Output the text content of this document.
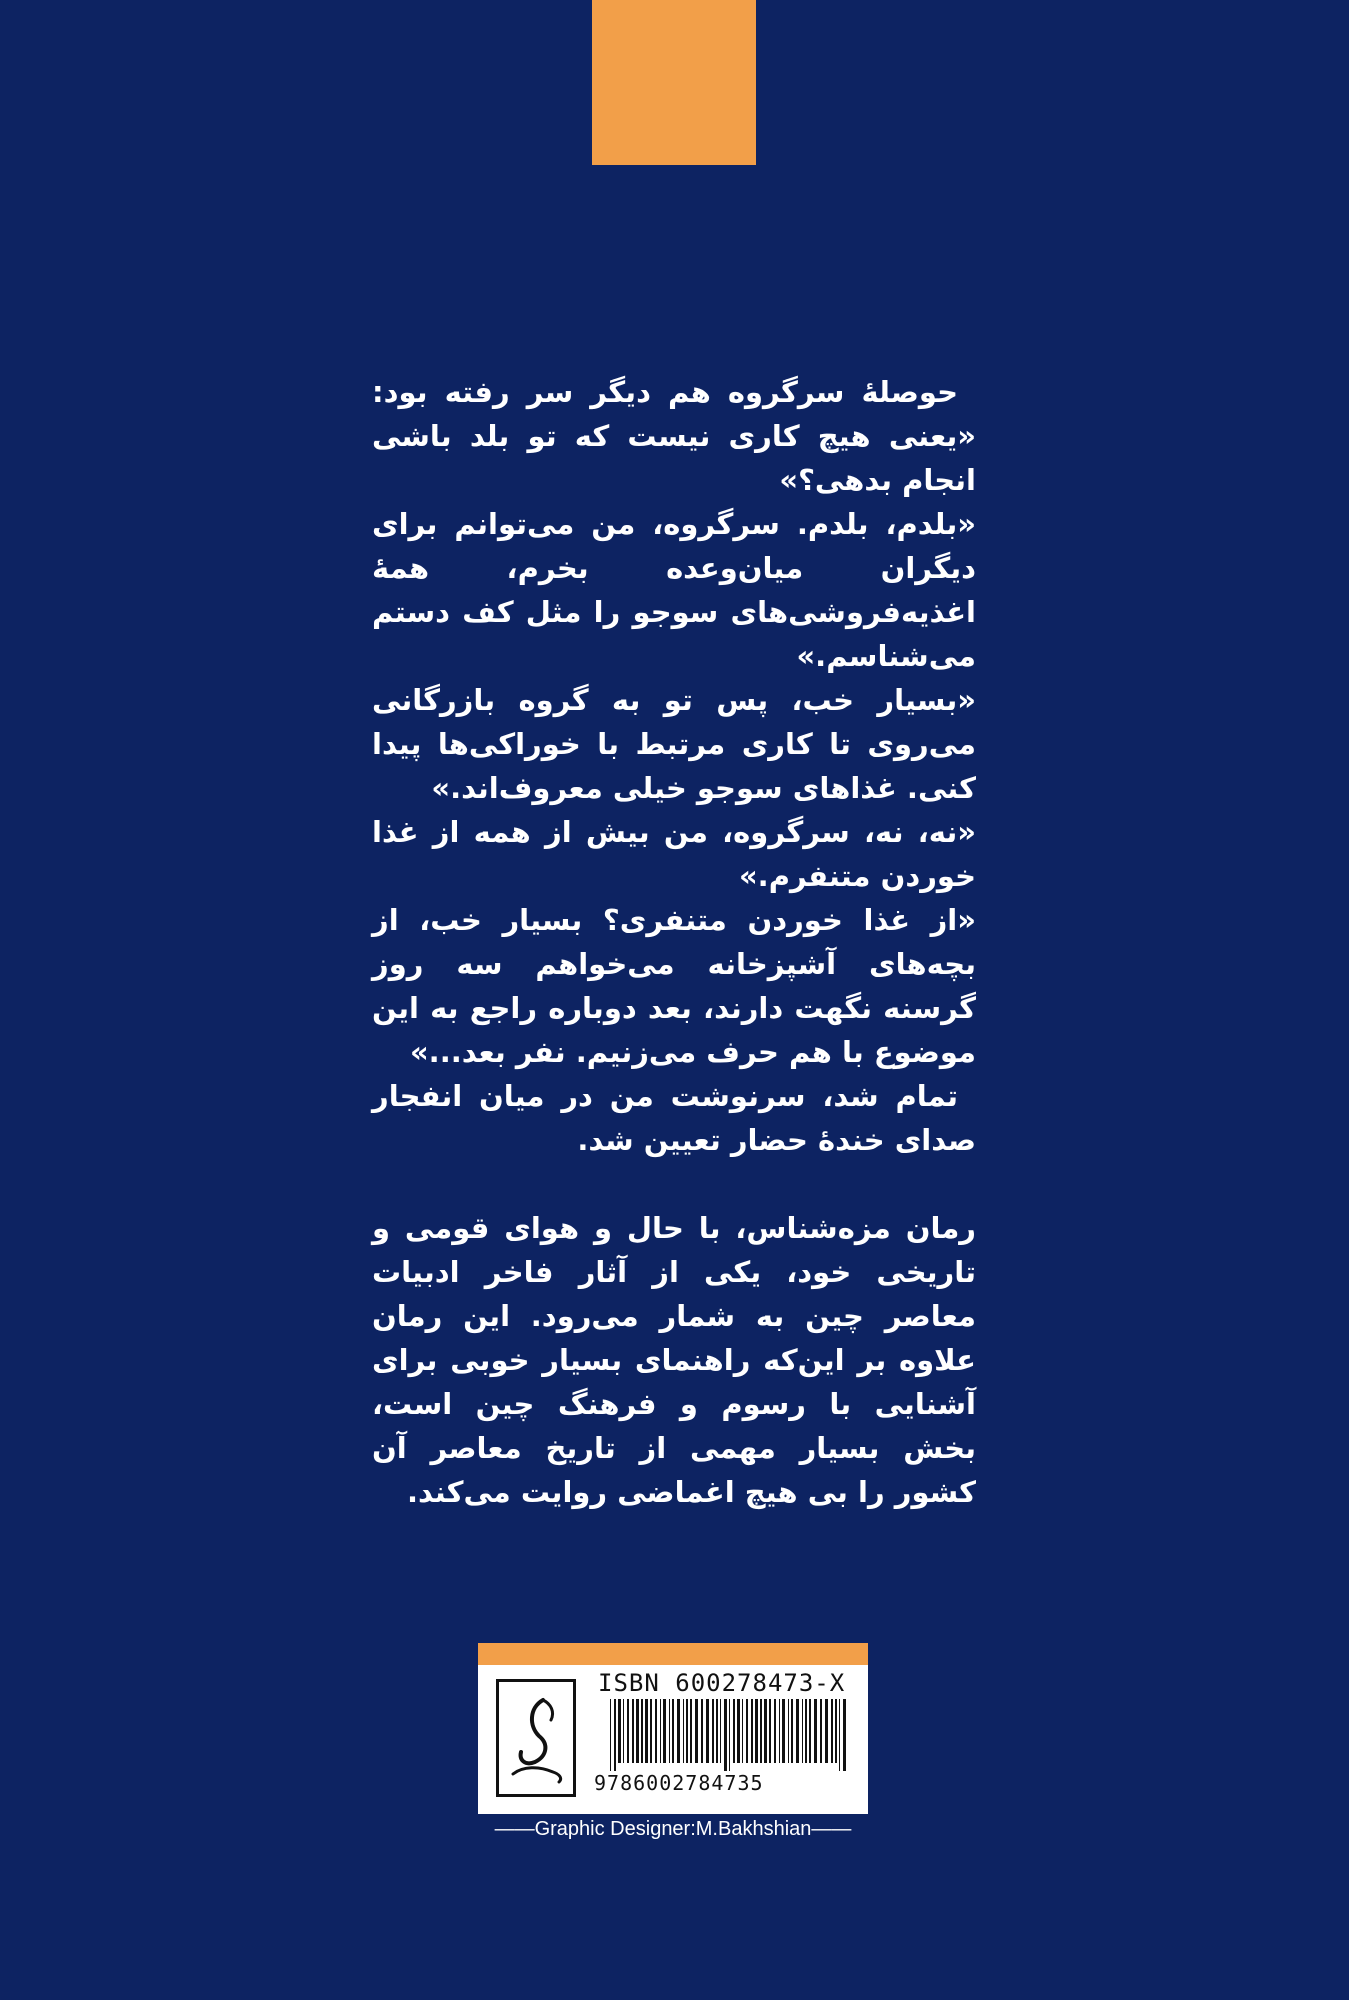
حوصلهٔ سرگروه هم دیگر سر رفته بود: «یعنی هیچ کاری نیست که تو بلد باشی انجام بدهی؟»

«بلدم، بلدم. سرگروه، من می‌توانم برای دیگران میان‌وعده بخرم، همهٔ اغذیه‌فروشی‌های سوجو را مثل کف دستم می‌شناسم.»

«بسیار خب، پس تو به گروه بازرگانی می‌روی تا کاری مرتبط با خوراکی‌ها پیدا کنی. غذاهای سوجو خیلی معروف‌اند.»

«نه، نه، سرگروه، من بیش از همه از غذا خوردن متنفرم.»

«از غذا خوردن متنفری؟ بسیار خب، از بچه‌های آشپزخانه می‌خواهم سه روز گرسنه نگهت دارند، بعد دوباره راجع به این موضوع با هم حرف می‌زنیم. نفر بعد...»

تمام شد، سرنوشت من در میان انفجار صدای خندهٔ حضار تعیین شد.

رمان مزه‌شناس، با حال و هوای قومی و تاریخی خود، یکی از آثار فاخر ادبیات معاصر چین به شمار می‌رود. این رمان علاوه بر این‌که راهنمای بسیار خوبی برای آشنایی با رسوم و فرهنگ چین است، بخش بسیار مهمی از تاریخ معاصر آن کشور را بی هیچ اغماضی روایت می‌کند.

ISBN 600278473-X
9786002784735
——Graphic Designer:M.Bakhshian——
